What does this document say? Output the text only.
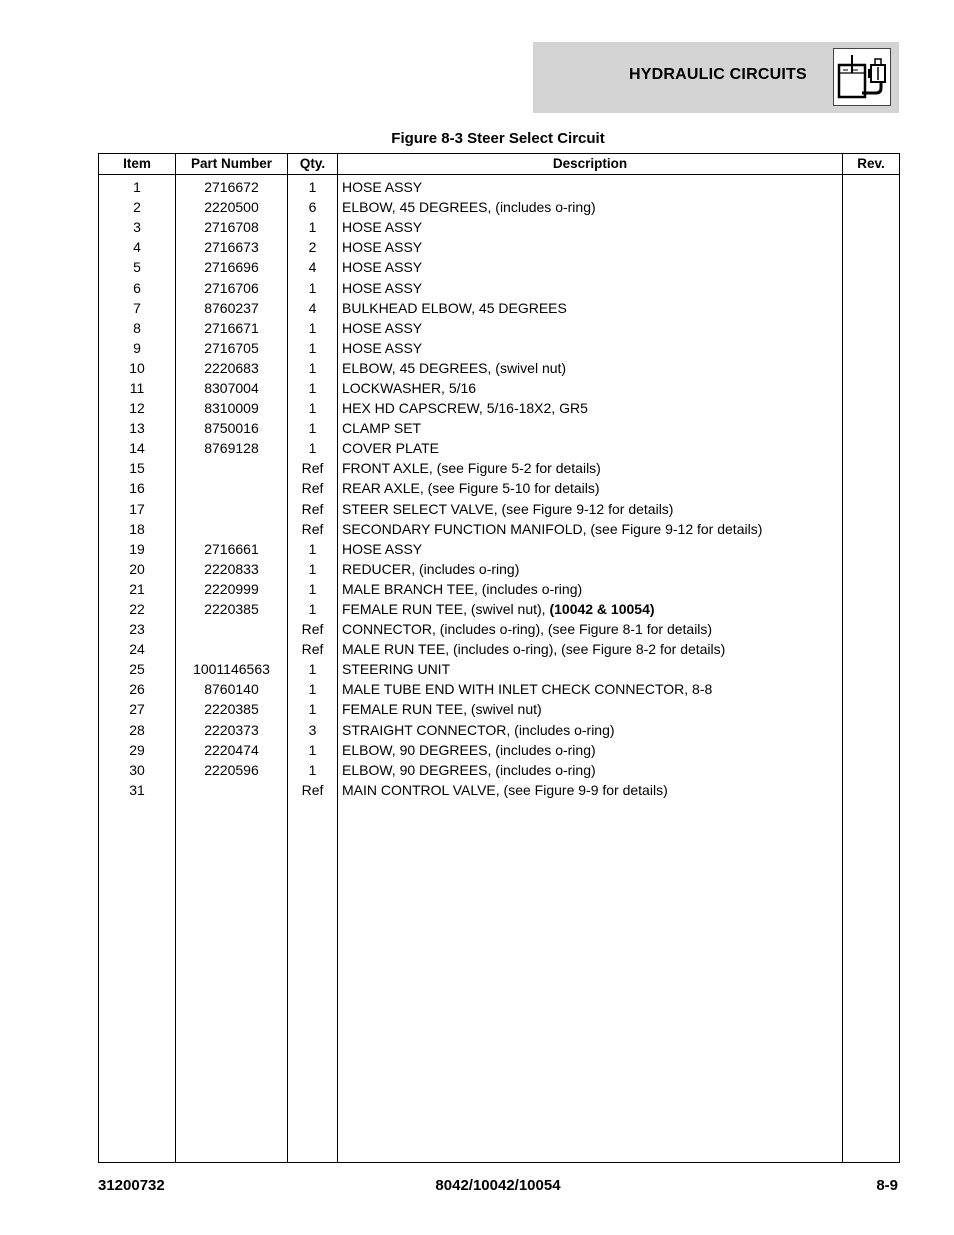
HYDRAULIC CIRCUITS
Figure 8-3 Steer Select Circuit
Item	Part Number	Qty.	Description	Rev.
1	2716672	1	HOSE ASSY	
2	2220500	6	ELBOW, 45 DEGREES, (includes o-ring)	
3	2716708	1	HOSE ASSY	
4	2716673	2	HOSE ASSY	
5	2716696	4	HOSE ASSY	
6	2716706	1	HOSE ASSY	
7	8760237	4	BULKHEAD ELBOW, 45 DEGREES	
8	2716671	1	HOSE ASSY	
9	2716705	1	HOSE ASSY	
10	2220683	1	ELBOW, 45 DEGREES, (swivel nut)	
11	8307004	1	LOCKWASHER, 5/16	
12	8310009	1	HEX HD CAPSCREW, 5/16-18X2, GR5	
13	8750016	1	CLAMP SET	
14	8769128	1	COVER PLATE	
15		Ref	FRONT AXLE, (see Figure 5-2 for details)	
16		Ref	REAR AXLE, (see Figure 5-10 for details)	
17		Ref	STEER SELECT VALVE, (see Figure 9-12 for details)	
18		Ref	SECONDARY FUNCTION MANIFOLD, (see Figure 9-12 for details)	
19	2716661	1	HOSE ASSY	
20	2220833	1	REDUCER, (includes o-ring)	
21	2220999	1	MALE BRANCH TEE, (includes o-ring)	
22	2220385	1	FEMALE RUN TEE, (swivel nut), (10042 & 10054)	
23		Ref	CONNECTOR, (includes o-ring), (see Figure 8-1 for details)	
24		Ref	MALE RUN TEE, (includes o-ring), (see Figure 8-2 for details)	
25	1001146563	1	STEERING UNIT	
26	8760140	1	MALE TUBE END WITH INLET CHECK CONNECTOR, 8-8	
27	2220385	1	FEMALE RUN TEE, (swivel nut)	
28	2220373	3	STRAIGHT CONNECTOR, (includes o-ring)	
29	2220474	1	ELBOW, 90 DEGREES, (includes o-ring)	
30	2220596	1	ELBOW, 90 DEGREES, (includes o-ring)	
31		Ref	MAIN CONTROL VALVE, (see Figure 9-9 for details)	

31200732	8042/10042/10054	8-9
